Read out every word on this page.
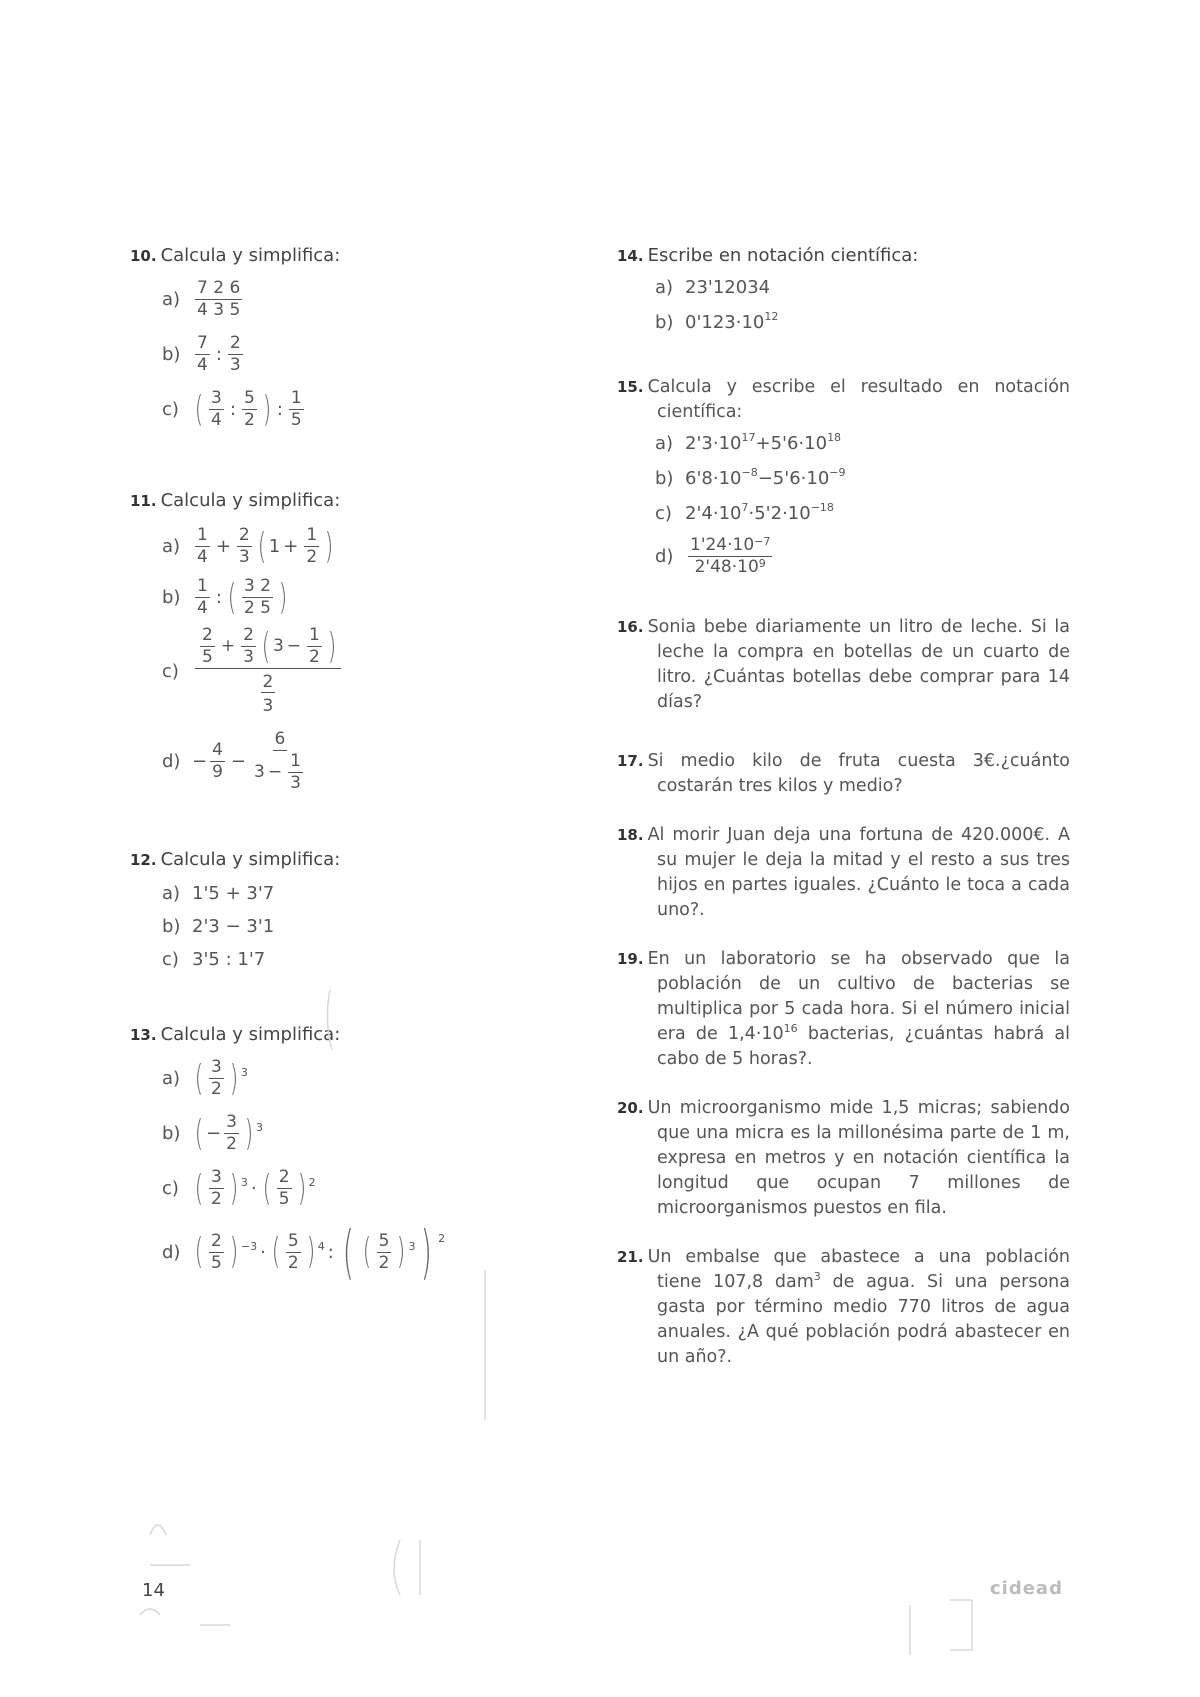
10. Calcula y simplifica:
$a) \frac{7 2 6}{4 3 5}$
$b) \frac{7}{4}$ : $\frac{2}{3}$
c) ( $\frac{3}{4}$ : $\frac{5}{2}$ ) : $\frac{1}{5}$
11. Calcula y simplifica:
$a) \frac{1}{4} + \frac{2}{3}$ ( $1 + \frac{1}{2}$ )
$b) \frac{1}{4}$ : ( $\frac{3 2}{2 5}$ )
c)
$\frac{2}{5} + \frac{2}{3}$ ( $3 - \frac{1}{2}$ )
2
3
$d) - \frac{4}{9} - \frac{6}{3 - \frac{1}{3}}$
12. Calcula y simplifica:
a) 1'5 + 3'7
b) 2'3 − 3'1
c) 3'5 : 1'7
13. Calcula y simplifica:
a) ( $\frac{3}{2}$ ) 3
b) ( − $\frac{3}{2}$ ) 3
c) ( $\frac{3}{2}$ ) 3 · ( $\frac{2}{5}$ ) 2
d) ( $\frac{2}{5}$ ) −3 · ( $\frac{5}{2}$ ) 4 : ( ( $\frac{5}{2}$ ) 3 ) 2
14. Escribe en notación científica:
a) 23'12034
b) 0'123·10 12
15. Calcula y escribe el resultado en notación científica:
a) 2'3·10 17 + 5'6·10 18
b) 6'8·10 −8 − 5'6·10 −9
c) 2'4·10 7 · 5'2·10 −18
$d) \frac{1'24\cdot 10^{-7}}{2'48\cdot 10^9}$
16. Sonia bebe diariamente un litro de leche. Si la leche la compra en botellas de un cuarto de litro. ¿Cuántas botellas debe comprar para 14 días?
17. Si medio kilo de fruta cuesta 3€.¿cuánto costarán tres kilos y medio?
18. Al morir Juan deja una fortuna de 420.000€. A su mujer le deja la mitad y el resto a sus tres hijos en partes iguales. ¿Cuánto le toca a cada uno?.
19. En un laboratorio se ha observado que la población de un cultivo de bacterias se multiplica por 5 cada hora. Si el número inicial era de $1,4\cdot 10^{16}$ bacterias, ¿cuántas habrá al cabo de 5 horas?.
20. Un microorganismo mide 1,5 micras; sabiendo que una micra es la millonésima parte de 1 m, expresa en metros y en notación científica la longitud que ocupan 7 millones de microorganismos puestos en fila.
21. Un embalse que abastece a una población tiene 107,8 dam$^3$ de agua. Si una persona gasta por término medio 770 litros de agua anuales. ¿A qué población podrá abastecer en un año?.
14	cidead
